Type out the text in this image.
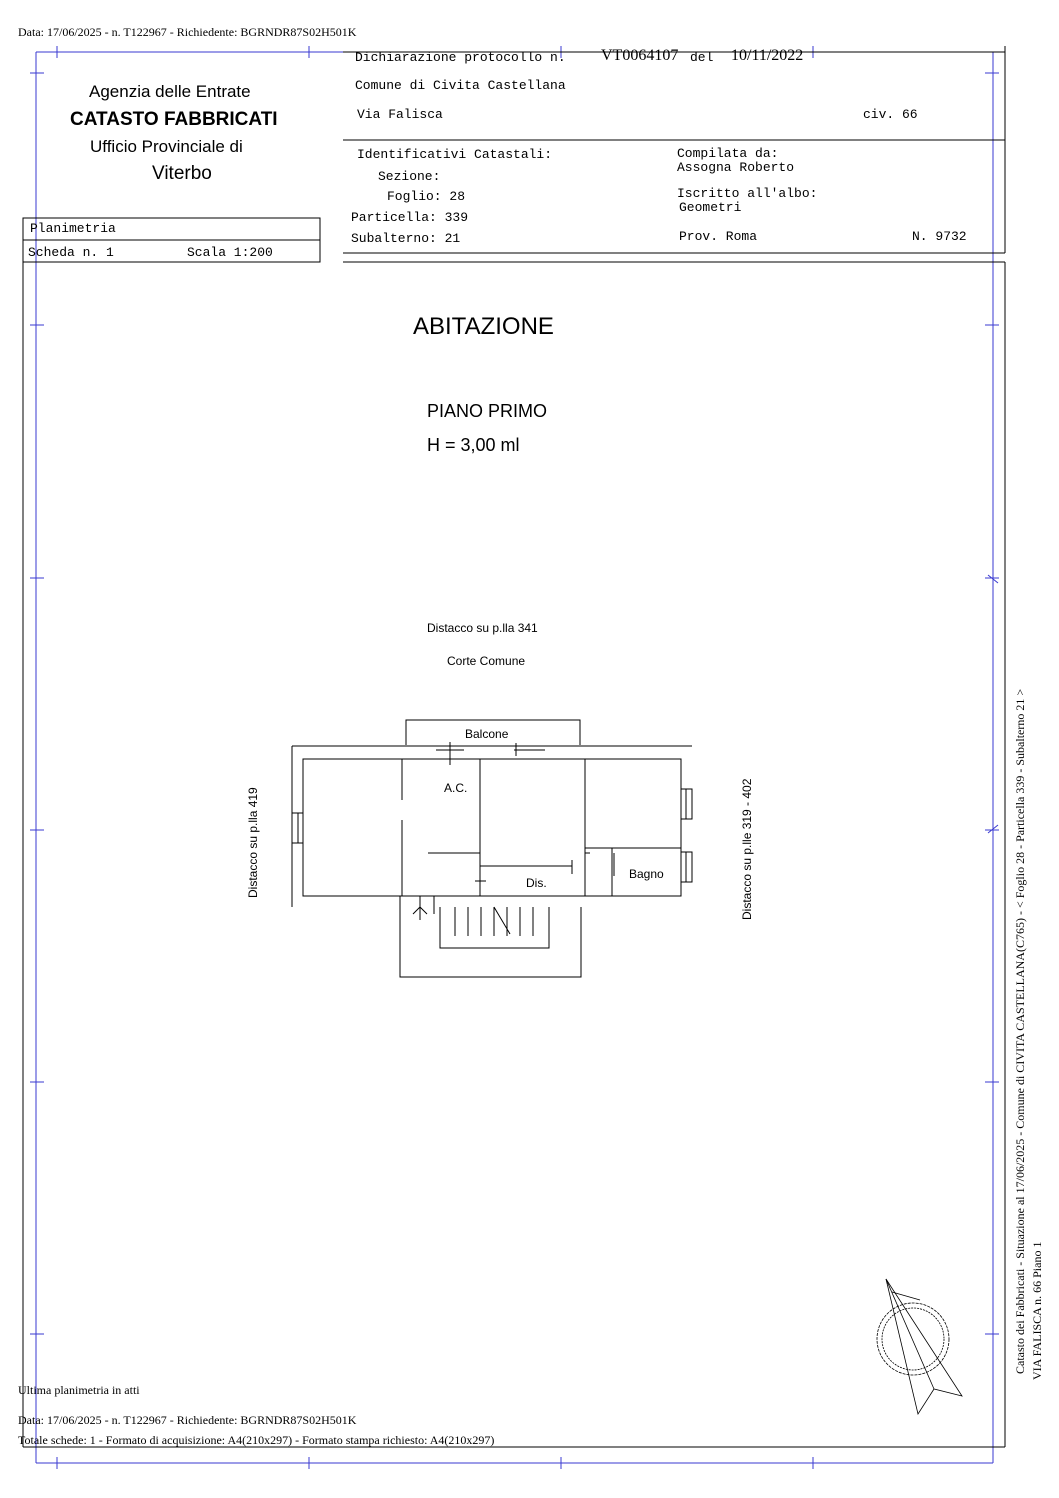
Data: 17/06/2025 - n. T122967 - Richiedente: BGRNDR87S02H501K
Agenzia delle Entrate
CATASTO FABBRICATI
Ufficio Provinciale di
Viterbo
Dichiarazione protocollo n. VT0064107 del 10/11/2022
Comune di Civita Castellana
Via Falisca	civ. 66
Identificativi Catastali:
Sezione:
Foglio: 28
Particella: 339
Subalterno: 21
Compilata da:
Assogna Roberto
Iscritto all'albo:
Geometri
Prov. Roma	N. 9732
Planimetria
Scheda n. 1	Scala 1:200
ABITAZIONE
PIANO PRIMO
H = 3,00 ml
Distacco su p.lla 341
Corte Comune
Balcone
A.C.
Dis.
Bagno
Distacco su p.lla 419	Distacco su p.lle 319 - 402	Catasto dei Fabbricati - Situazione al 17/06/2025 - Comune di CIVITA CASTELLANA(C765) - < Foglio 28 - Particella 339 - Subalterno 21 > VIA FALISCA n. 66 Piano 1
Ultima planimetria in atti
Data: 17/06/2025 - n. T122967 - Richiedente: BGRNDR87S02H501K
Totale schede: 1 - Formato di acquisizione: A4(210x297) - Formato stampa richiesto: A4(210x297)
